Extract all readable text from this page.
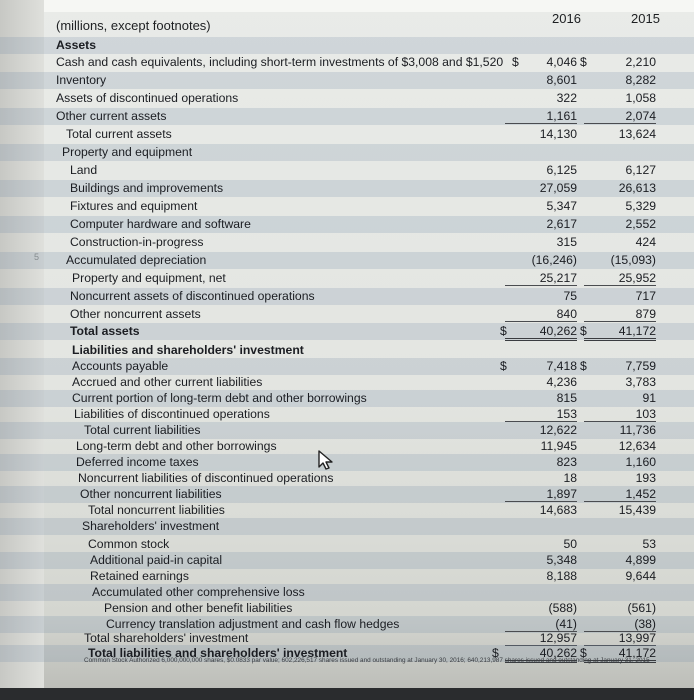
5
(millions, except footnotes)	2016	2015
Assets
Cash and cash equivalents, including short-term investments of $3,008 and $1,520 $	4,046 $	2,210
Inventory	8,601	8,282
Assets of discontinued operations	322	1,058
Other current assets	1,161	2,074
Total current assets	14,130	13,624
Property and equipment
Land	6,125	6,127
Buildings and improvements	27,059	26,613
Fixtures and equipment	5,347	5,329
Computer hardware and software	2,617	2,552
Construction-in-progress	315	424
Accumulated depreciation	(16,246)	(15,093)
Property and equipment, net	25,217	25,952
Noncurrent assets of discontinued operations	75	717
Other noncurrent assets	840	879
Total assets	$	40,262 $	41,172
Liabilities and shareholders' investment
Accounts payable	$	7,418 $	7,759
Accrued and other current liabilities	4,236	3,783
Current portion of long-term debt and other borrowings	815	91
Liabilities of discontinued operations	153	103
Total current liabilities	12,622	11,736
Long-term debt and other borrowings	11,945	12,634
Deferred income taxes	823	1,160
Noncurrent liabilities of discontinued operations	18	193
Other noncurrent liabilities	1,897	1,452
Total noncurrent liabilities	14,683	15,439
Shareholders' investment
Common stock	50	53
Additional paid-in capital	5,348	4,899
Retained earnings	8,188	9,644
Accumulated other comprehensive loss
Pension and other benefit liabilities	(588)	(561)
Currency translation adjustment and cash flow hedges	(41)	(38)
Total shareholders' investment	12,957	13,997
Total liabilities and shareholders' investment	$	40,262 $	41,172
Common Stock Authorized 6,000,000,000 shares, $0.0833 par value; 602,226,517 shares issued and outstanding at January 30, 2016; 640,213,987 shares issued and outstanding at January 31, 2015
